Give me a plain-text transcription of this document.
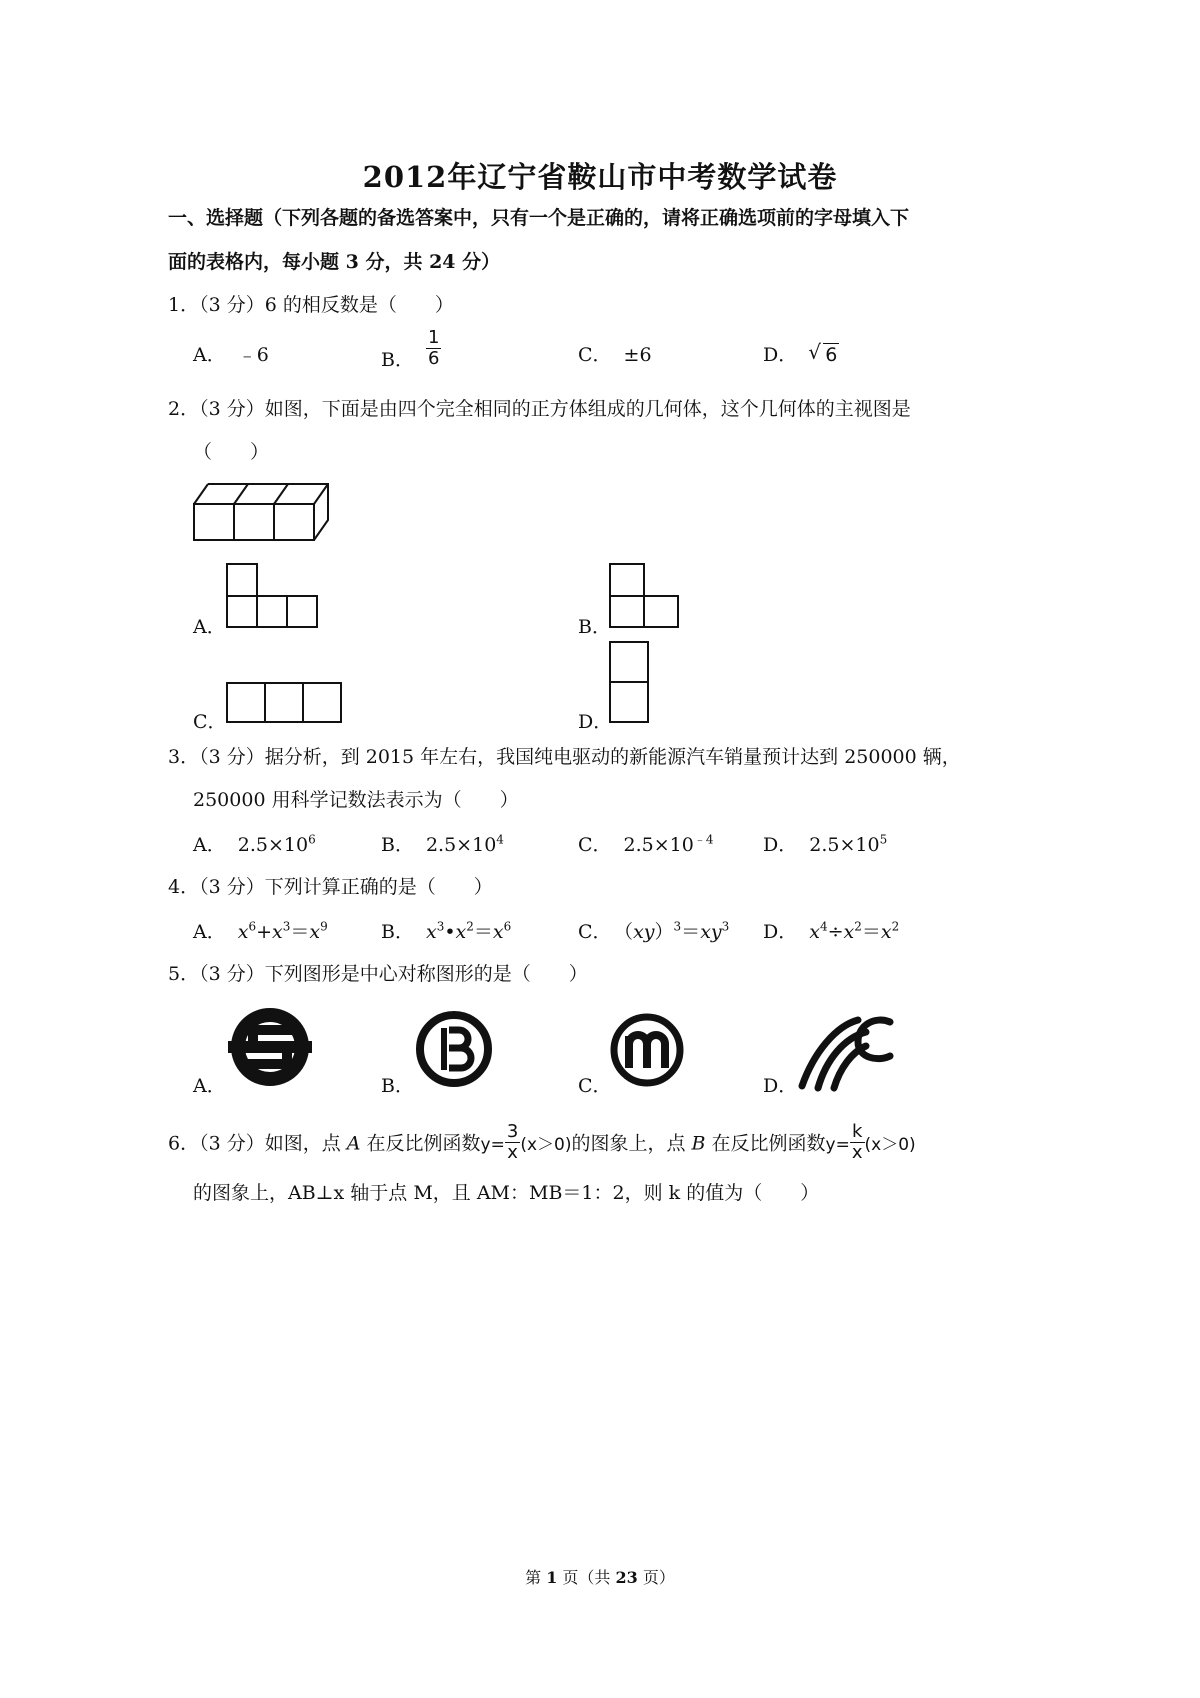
2012年辽宁省鞍山市中考数学试卷
一、选择题（下列各题的备选答案中，只有一个是正确的，请将正确选项前的字母填入下
面的表格内，每小题 3 分，共 24 分）
1．（3 分）6 的相反数是（　　）
A． ﹣6	B． $\frac{1}{6}$	C． ±6	D． √ 6
2．（3 分）如图，下面是由四个完全相同的正方体组成的几何体，这个几何体的主视图是
（　　）
A．	B．
C．	D．
3．（3 分）据分析，到 2015 年左右，我国纯电驱动的新能源汽车销量预计达到 250000 辆，
250000 用科学记数法表示为（　　）
A． $2.5\times 10^6$	B． $2.5\times 10^4$	C． $2.5\times 10^{﹣4}$	D． $2.5\times 10^5$
4．（3 分）下列计算正确的是（　　）
A． $x^6+x^3=x^9$	B． $x^3•x^2=x^6$	C． $(xy)^3=xy^3$ D． $x^4\div x^2=x^2$
5．（3 分）下列图形是中心对称图形的是（　　）
A．	B．	C．	D．
6．（3 分）如图，点 A 在反比例函数$y= \frac{3}{x} (x>0)$的图象上，点 B 在反比例函数$y= \frac{k}{x} (x>0)$
的图象上，AB⊥x 轴于点 M，且 AM：MB＝1：2，则 k 的值为（　　）
第 1 页（共 23 页）
